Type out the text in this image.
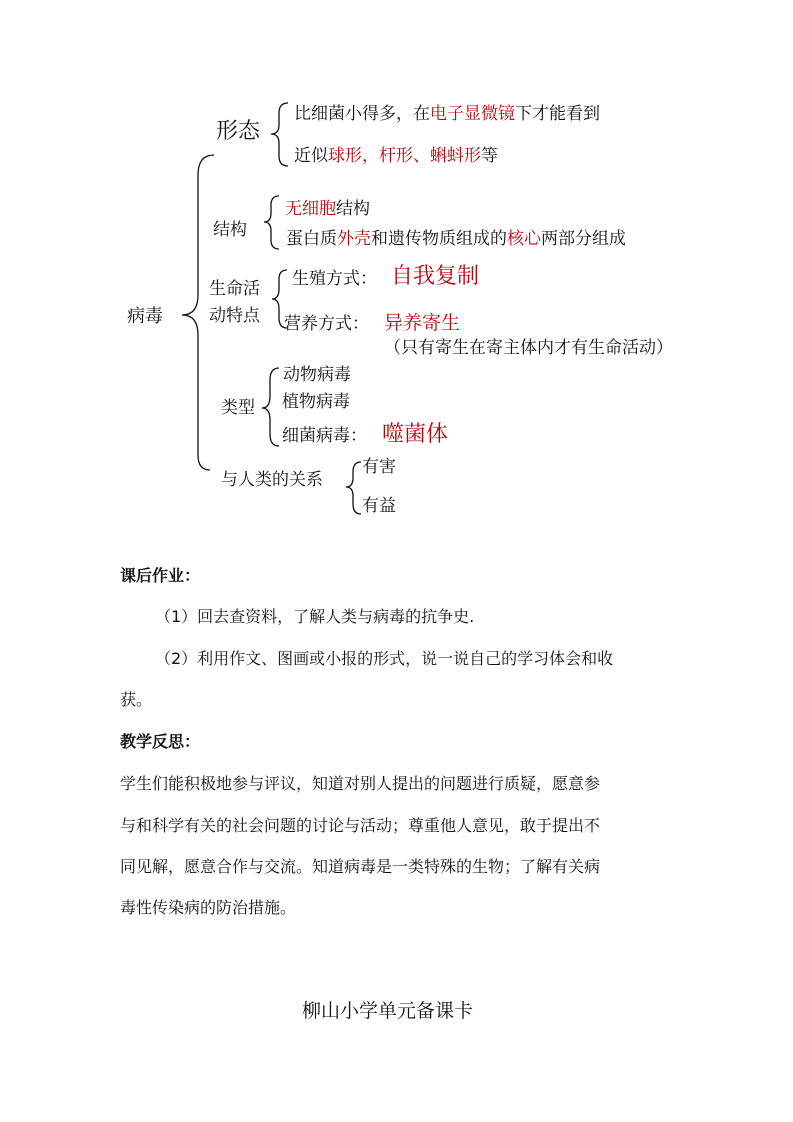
病毒
形态
比细菌小得多，在电子显微镜下才能看到
近似球形，杆形、蝌蚪形等
结构
无细胞结构
蛋白质外壳和遗传物质组成的核心两部分组成
生命活
动特点
生殖方式： 自我复制
营养方式： 异养寄生
（只有寄生在寄主体内才有生命活动）
类型
动物病毒
植物病毒
细菌病毒： 噬菌体
与人类的关系
有害
有益
课后作业：
（1）回去查资料，了解人类与病毒的抗争史.
（2）利用作文、图画或小报的形式，说一说自己的学习体会和收
获。
教学反思：
学生们能积极地参与评议，知道对别人提出的问题进行质疑，愿意参
与和科学有关的社会问题的讨论与活动；尊重他人意见，敢于提出不
同见解，愿意合作与交流。知道病毒是一类特殊的生物；了解有关病
毒性传染病的防治措施。
柳山小学单元备课卡
